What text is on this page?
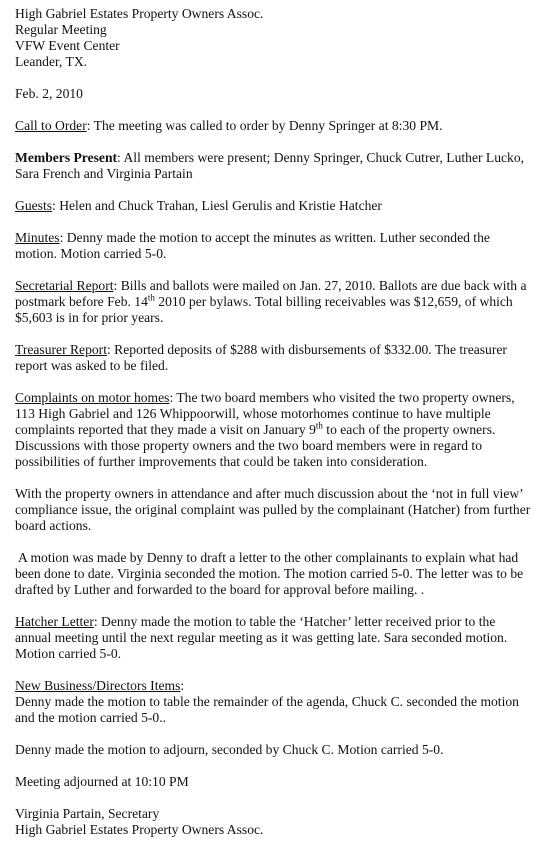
High Gabriel Estates Property Owners Assoc.

Regular Meeting

VFW Event Center

Leander, TX.

Feb. 2, 2010

Call to Order: The meeting was called to order by Denny Springer at 8:30 PM.

Members Present: All members were present; Denny Springer, Chuck Cutrer, Luther Lucko, Sara French and Virginia Partain

Guests: Helen and Chuck Trahan, Liesl Gerulis and Kristie Hatcher

Minutes: Denny made the motion to accept the minutes as written. Luther seconded the motion. Motion carried 5-0.

Secretarial Report: Bills and ballots were mailed on Jan. 27, 2010. Ballots are due back with a postmark before Feb. 14th 2010 per bylaws. Total billing receivables was $12,659, of which $5,603 is in for prior years.

Treasurer Report: Reported deposits of $288 with disbursements of $332.00. The treasurer report was asked to be filed.

Complaints on motor homes: The two board members who visited the two property owners, 113 High Gabriel and 126 Whippoorwill, whose motorhomes continue to have multiple complaints reported that they made a visit on January 9th to each of the property owners. Discussions with those property owners and the two board members were in regard to possibilities of further improvements that could be taken into consideration.

With the property owners in attendance and after much discussion about the ‘not in full view’ compliance issue, the original complaint was pulled by the complainant (Hatcher) from further board actions.

A motion was made by Denny to draft a letter to the other complainants to explain what had been done to date. Virginia seconded the motion. The motion carried 5-0. The letter was to be drafted by Luther and forwarded to the board for approval before mailing. .

Hatcher Letter: Denny made the motion to table the ‘Hatcher’ letter received prior to the annual meeting until the next regular meeting as it was getting late. Sara seconded motion. Motion carried 5-0.

New Business/Directors Items:

Denny made the motion to table the remainder of the agenda, Chuck C. seconded the motion and the motion carried 5-0..

Denny made the motion to adjourn, seconded by Chuck C. Motion carried 5-0.

Meeting adjourned at 10:10 PM

Virginia Partain, Secretary

High Gabriel Estates Property Owners Assoc.
